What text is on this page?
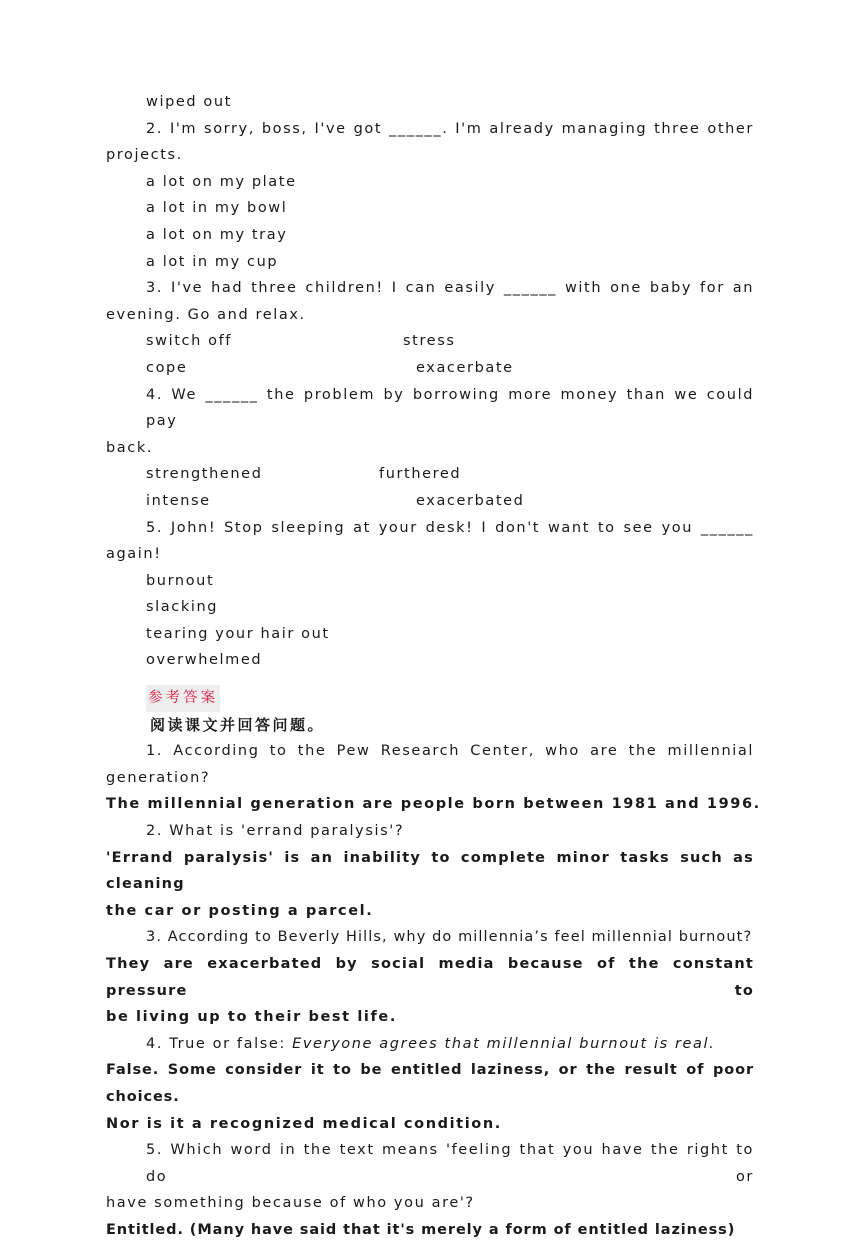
wiped out
2. I'm sorry, boss, I've got ______. I'm already managing three other
projects.
a lot on my plate
a lot in my bowl
a lot on my tray
a lot in my cup
3. I've had three children! I can easily ______ with one baby for an
evening. Go and relax.
switch off	stress
cope	exacerbate
4. We ______ the problem by borrowing more money than we could pay
back.
strengthened	furthered
intense	exacerbated
5. John! Stop sleeping at your desk! I don't want to see you ______
again!
burnout
slacking
tearing your hair out
overwhelmed
参考答案
阅读课文并回答问题。
1. According to the Pew Research Center, who are the millennial
generation?
The millennial generation are people born between 1981 and 1996.
2. What is 'errand paralysis'?
'Errand paralysis' is an inability to complete minor tasks such as cleaning
the car or posting a parcel.
3. According to Beverly Hills, why do millennia’s feel millennial burnout?
They are exacerbated by social media because of the constant pressure to
be living up to their best life.
4. True or false: Everyone agrees that millennial burnout is real.
False. Some consider it to be entitled laziness, or the result of poor choices.
Nor is it a recognized medical condition.
5. Which word in the text means 'feeling that you have the right to do or
have something because of who you are'?
Entitled. (Many have said that it's merely a form of entitled laziness)
